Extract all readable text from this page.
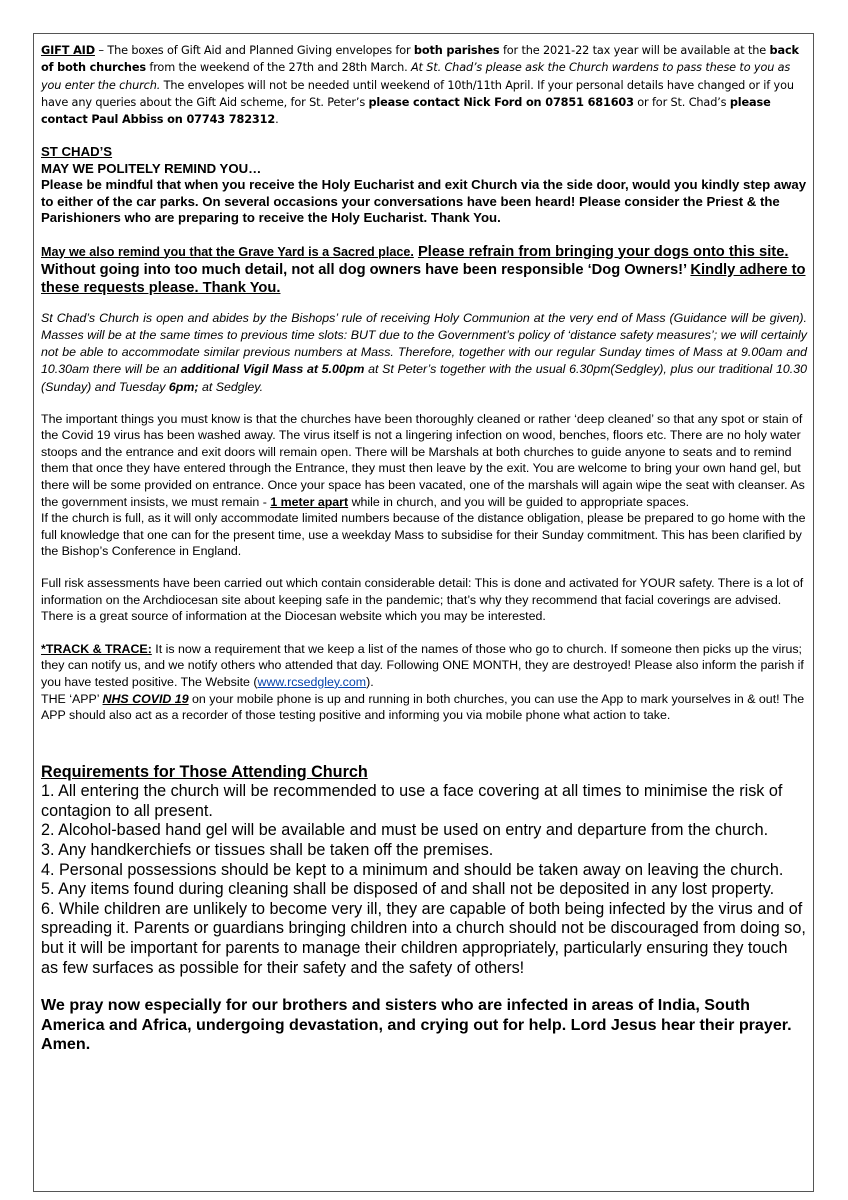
GIFT AID – The boxes of Gift Aid and Planned Giving envelopes for both parishes for the 2021-22 tax year will be available at the back of both churches from the weekend of the 27th and 28th March. At St. Chad’s please ask the Church wardens to pass these to you as you enter the church. The envelopes will not be needed until weekend of 10th/11th April. If your personal details have changed or if you have any queries about the Gift Aid scheme, for St. Peter’s please contact Nick Ford on 07851 681603 or for St. Chad’s please contact Paul Abbiss on 07743 782312.

ST CHAD’S
MAY WE POLITELY REMIND YOU…
Please be mindful that when you receive the Holy Eucharist and exit Church via the side door, would you kindly step away to either of the car parks. On several occasions your conversations have been heard! Please consider the Priest & the Parishioners who are preparing to receive the Holy Eucharist. Thank You.

May we also remind you that the Grave Yard is a Sacred place. Please refrain from bringing your dogs onto this site. Without going into too much detail, not all dog owners have been responsible ‘Dog Owners!’ Kindly adhere to these requests please. Thank You.

St Chad’s Church is open and abides by the Bishops’ rule of receiving Holy Communion at the very end of Mass (Guidance will be given). Masses will be at the same times to previous time slots: BUT due to the Government’s policy of ‘distance safety measures’; we will certainly not be able to accommodate similar previous numbers at Mass. Therefore, together with our regular Sunday times of Mass at 9.00am and 10.30am there will be an additional Vigil Mass at 5.00pm at St Peter’s together with the usual 6.30pm(Sedgley), plus our traditional 10.30 (Sunday) and Tuesday 6pm; at Sedgley.

The important things you must know is that the churches have been thoroughly cleaned or rather ‘deep cleaned’ so that any spot or stain of the Covid 19 virus has been washed away. The virus itself is not a lingering infection on wood, benches, floors etc. There are no holy water stoops and the entrance and exit doors will remain open. There will be Marshals at both churches to guide anyone to seats and to remind them that once they have entered through the Entrance, they must then leave by the exit. You are welcome to bring your own hand gel, but there will be some provided on entrance. Once your space has been vacated, one of the marshals will again wipe the seat with cleanser. As the government insists, we must remain - 1 meter apart while in church, and you will be guided to appropriate spaces.

If the church is full, as it will only accommodate limited numbers because of the distance obligation, please be prepared to go home with the full knowledge that one can for the present time, use a weekday Mass to subsidise for their Sunday commitment. This has been clarified by the Bishop’s Conference in England.

Full risk assessments have been carried out which contain considerable detail: This is done and activated for YOUR safety. There is a lot of information on the Archdiocesan site about keeping safe in the pandemic; that’s why they recommend that facial coverings are advised. There is a great source of information at the Diocesan website which you may be interested.

*TRACK & TRACE: It is now a requirement that we keep a list of the names of those who go to church. If someone then picks up the virus; they can notify us, and we notify others who attended that day. Following ONE MONTH, they are destroyed! Please also inform the parish if you have tested positive. The Website (www.rcsedgley.com).

THE ‘APP’ NHS COVID 19 on your mobile phone is up and running in both churches, you can use the App to mark yourselves in & out! The APP should also act as a recorder of those testing positive and informing you via mobile phone what action to take.

Requirements for Those Attending Church
1. All entering the church will be recommended to use a face covering at all times to minimise the risk of contagion to all present.
2. Alcohol-based hand gel will be available and must be used on entry and departure from the church.
3. Any handkerchiefs or tissues shall be taken off the premises.
4. Personal possessions should be kept to a minimum and should be taken away on leaving the church.
5. Any items found during cleaning shall be disposed of and shall not be deposited in any lost property.
6. While children are unlikely to become very ill, they are capable of both being infected by the virus and of spreading it. Parents or guardians bringing children into a church should not be discouraged from doing so, but it will be important for parents to manage their children appropriately, particularly ensuring they touch as few surfaces as possible for their safety and the safety of others!

We pray now especially for our brothers and sisters who are infected in areas of India, South America and Africa, undergoing devastation, and crying out for help. Lord Jesus hear their prayer. Amen.
